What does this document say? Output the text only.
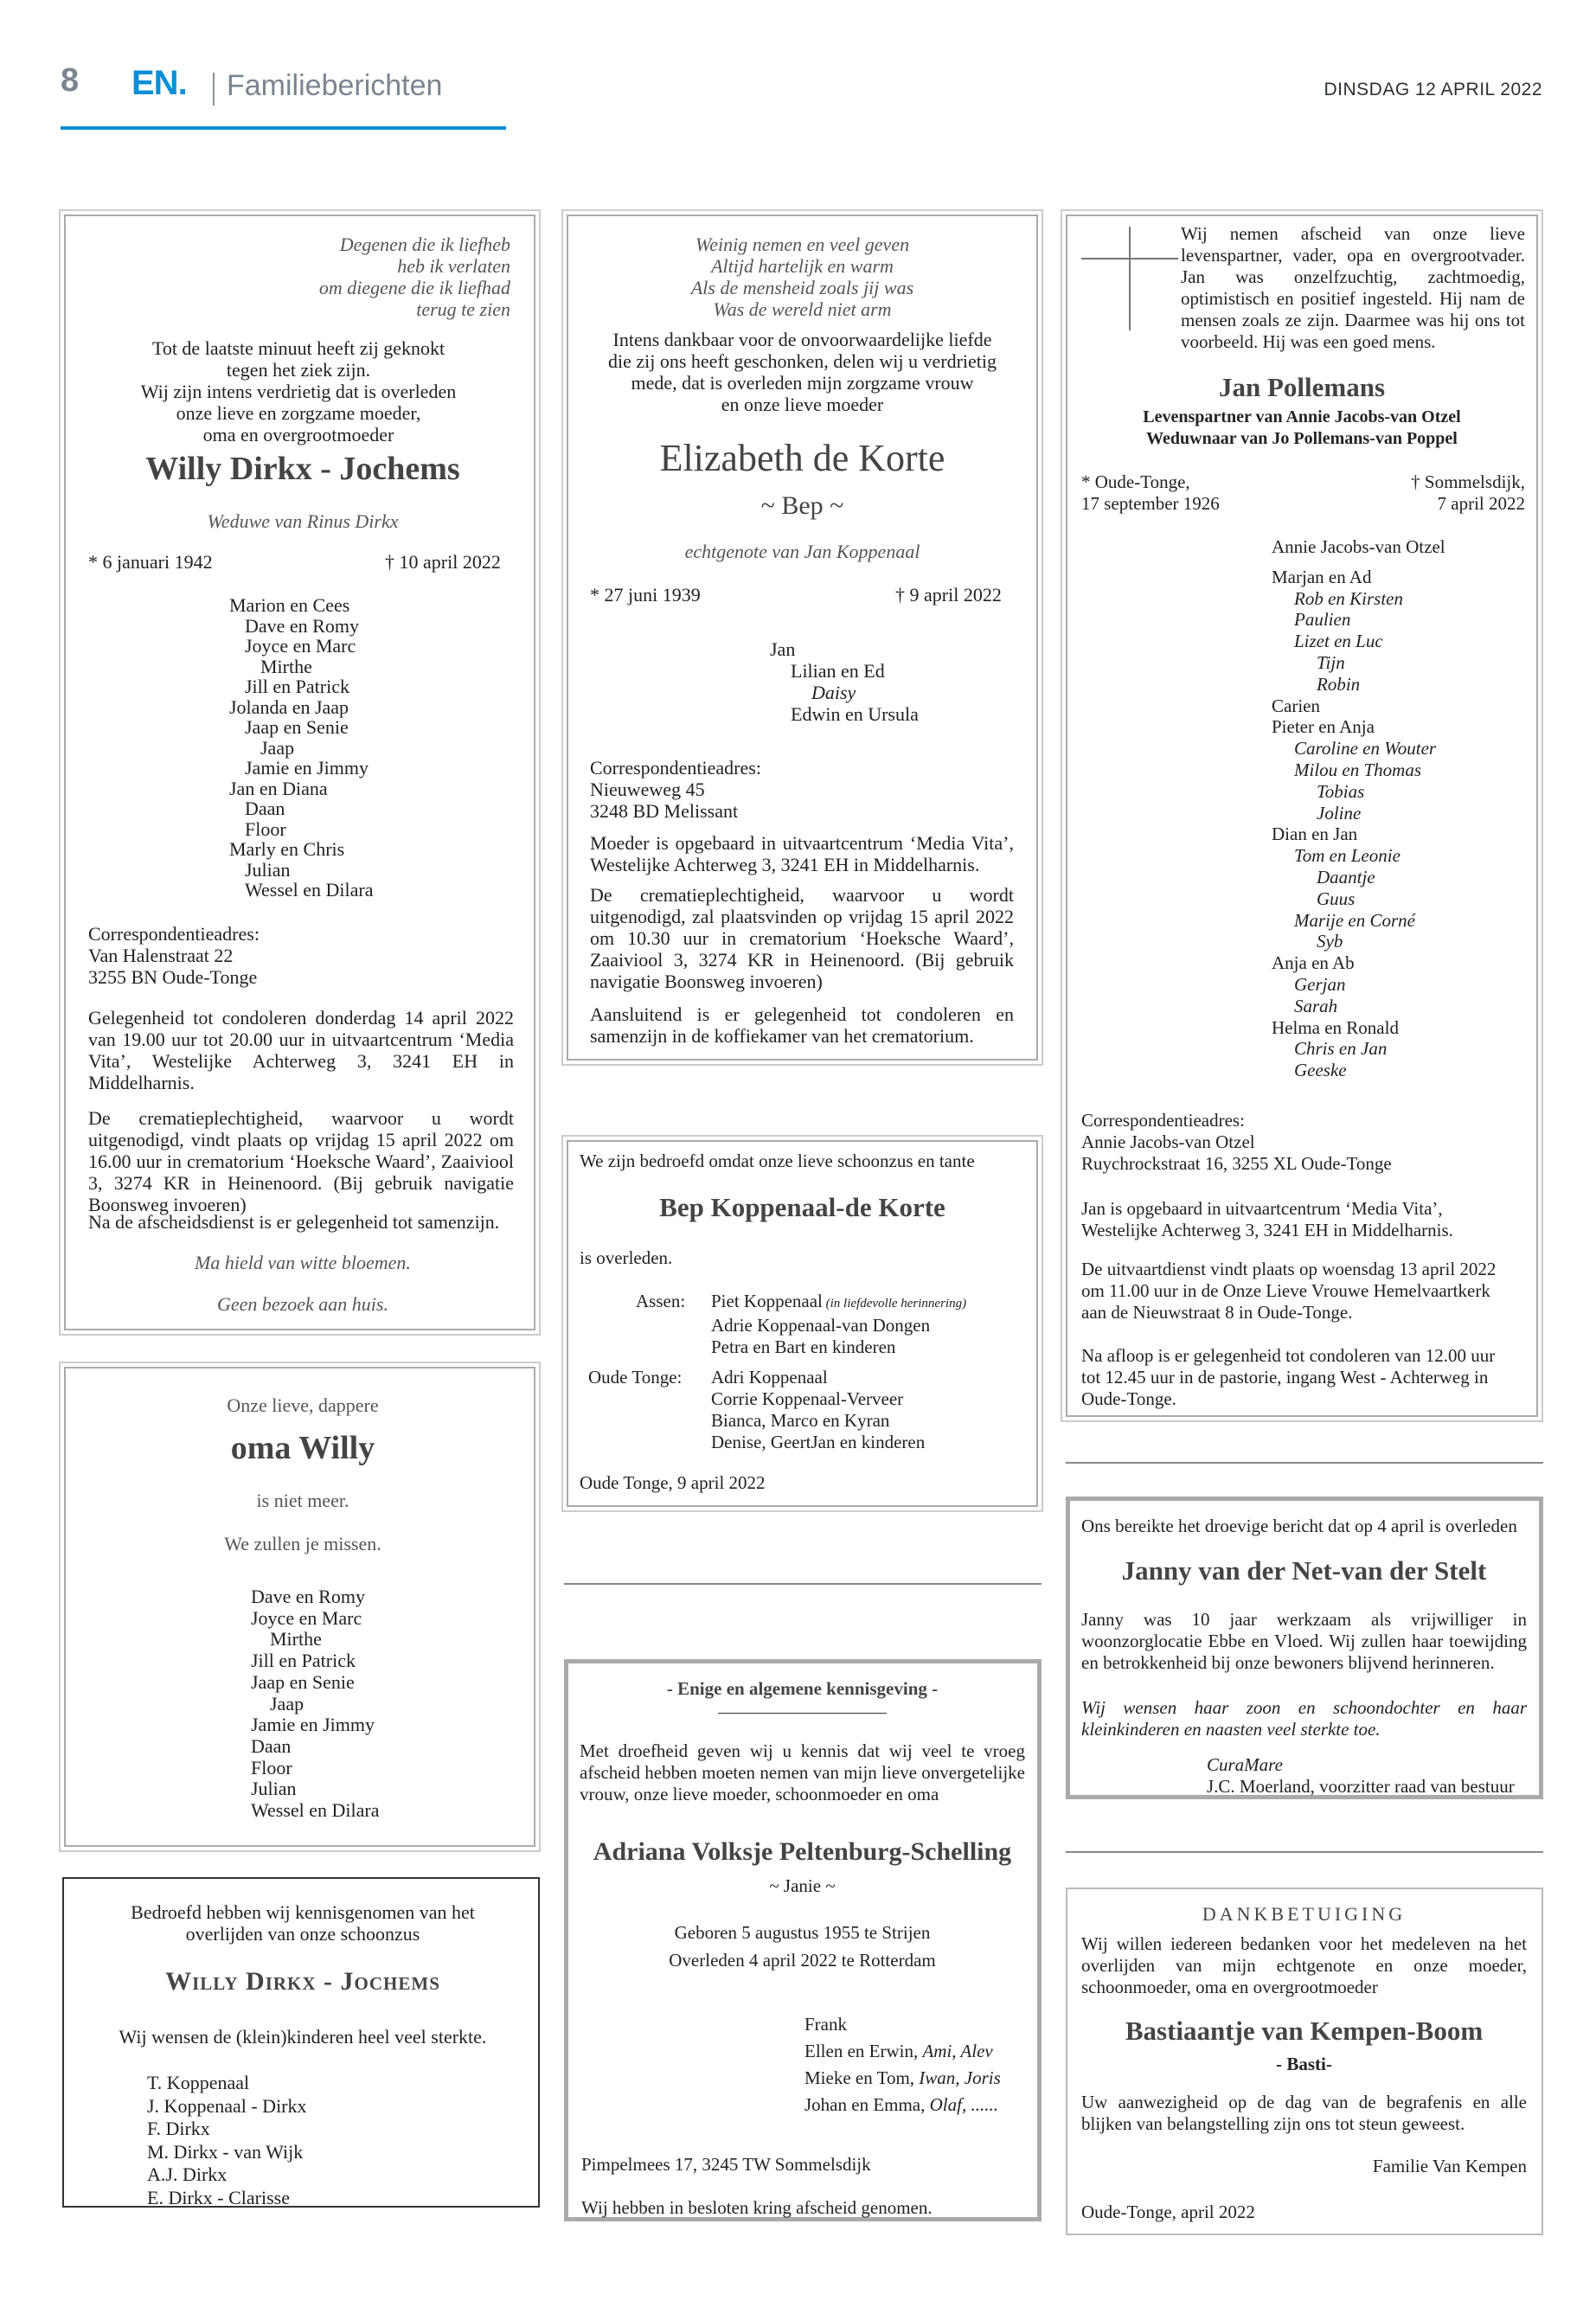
8 EN. Familieberichten	DINSDAG 12 APRIL 2022
Degenen die ik liefheb
heb ik verlaten
om diegene die ik liefhad
terug te zien
Tot de laatste minuut heeft zij geknokt
tegen het ziek zijn.
Wij zijn intens verdrietig dat is overleden
onze lieve en zorgzame moeder,
oma en overgrootmoeder
Willy Dirkx - Jochems
Weduwe van Rinus Dirkx
* 6 januari 1942	† 10 april 2022
Marion en Cees
Dave en Romy
Joyce en Marc
Mirthe
Jill en Patrick
Jolanda en Jaap
Jaap en Senie
Jaap
Jamie en Jimmy
Jan en Diana
Daan
Floor
Marly en Chris
Julian
Wessel en Dilara
Correspondentieadres:
Van Halenstraat 22
3255 BN Oude-Tonge
Gelegenheid tot condoleren donderdag 14 april 2022 van 19.00 uur tot 20.00 uur in uitvaartcentrum ‘Media Vita’, Westelijke Achterweg 3, 3241 EH in Middelharnis.
De crematieplechtigheid, waarvoor u wordt uitgenodigd, vindt plaats op vrijdag 15 april 2022 om 16.00 uur in crematorium ‘Hoeksche Waard’, Zaaiviool 3, 3274 KR in Heinenoord. (Bij gebruik navigatie Boonsweg invoeren)
Na de afscheidsdienst is er gelegenheid tot samenzijn.
Ma hield van witte bloemen.
Geen bezoek aan huis.
Onze lieve, dappere
oma Willy
is niet meer.
We zullen je missen.
Dave en Romy
Joyce en Marc
Mirthe
Jill en Patrick
Jaap en Senie
Jaap
Jamie en Jimmy
Daan
Floor
Julian
Wessel en Dilara
Bedroefd hebben wij kennisgenomen van het
overlijden van onze schoonzus
Willy Dirkx - Jochems
Wij wensen de (klein)kinderen heel veel sterkte.
T. Koppenaal
J. Koppenaal - Dirkx
F. Dirkx
M. Dirkx - van Wijk
A.J. Dirkx
E. Dirkx - Clarisse
Weinig nemen en veel geven
Altijd hartelijk en warm
Als de mensheid zoals jij was
Was de wereld niet arm
Intens dankbaar voor de onvoorwaardelijke liefde
die zij ons heeft geschonken, delen wij u verdrietig
mede, dat is overleden mijn zorgzame vrouw
en onze lieve moeder
Elizabeth de Korte
~ Bep ~
echtgenote van Jan Koppenaal
* 27 juni 1939	† 9 april 2022
Jan
Lilian en Ed
Daisy
Edwin en Ursula
Correspondentieadres:
Nieuweweg 45
3248 BD Melissant
Moeder is opgebaard in uitvaartcentrum ‘Media Vita’, Westelijke Achterweg 3, 3241 EH in Middelharnis.
De crematieplechtigheid, waarvoor u wordt uitgenodigd, zal plaatsvinden op vrijdag 15 april 2022 om 10.30 uur in crematorium ‘Hoeksche Waard’, Zaaiviool 3, 3274 KR in Heinenoord. (Bij gebruik navigatie Boonsweg invoeren)
Aansluitend is er gelegenheid tot condoleren en samenzijn in de koffiekamer van het crematorium.
We zijn bedroefd omdat onze lieve schoonzus en tante
Bep Koppenaal-de Korte
is overleden.
Assen: Piet Koppenaal (in liefdevolle herinnering)
Adrie Koppenaal-van Dongen
Petra en Bart en kinderen
Oude Tonge: Adri Koppenaal
Corrie Koppenaal-Verveer
Bianca, Marco en Kyran
Denise, GeertJan en kinderen
Oude Tonge, 9 april 2022
- Enige en algemene kennisgeving -
Met droefheid geven wij u kennis dat wij veel te vroeg afscheid hebben moeten nemen van mijn lieve onvergetelijke vrouw, onze lieve moeder, schoonmoeder en oma
Adriana Volksje Peltenburg-Schelling
~ Janie ~
Geboren 5 augustus 1955 te Strijen
Overleden 4 april 2022 te Rotterdam
Frank
Ellen en Erwin, Ami, Alev
Mieke en Tom, Iwan, Joris
Johan en Emma, Olaf, ......
Pimpelmees 17, 3245 TW Sommelsdijk
Wij hebben in besloten kring afscheid genomen.
Wij nemen afscheid van onze lieve levenspartner, vader, opa en overgrootvader. Jan was onzelfzuchtig, zachtmoedig, optimistisch en positief ingesteld. Hij nam de mensen zoals ze zijn. Daarmee was hij ons tot voorbeeld. Hij was een goed mens.
Jan Pollemans
Levenspartner van Annie Jacobs-van Otzel
Weduwnaar van Jo Pollemans-van Poppel
* Oude-Tonge,
17 september 1926
† Sommelsdijk,
7 april 2022
Annie Jacobs-van Otzel
Marjan en Ad
Rob en Kirsten
Paulien
Lizet en Luc
Tijn
Robin
Carien
Pieter en Anja
Caroline en Wouter
Milou en Thomas
Tobias
Joline
Dian en Jan
Tom en Leonie
Daantje
Guus
Marije en Corné
Syb
Anja en Ab
Gerjan
Sarah
Helma en Ronald
Chris en Jan
Geeske
Correspondentieadres:
Annie Jacobs-van Otzel
Ruychrockstraat 16, 3255 XL Oude-Tonge
Jan is opgebaard in uitvaartcentrum ‘Media Vita’,
Westelijke Achterweg 3, 3241 EH in Middelharnis.
De uitvaartdienst vindt plaats op woensdag 13 april 2022
om 11.00 uur in de Onze Lieve Vrouwe Hemelvaartkerk
aan de Nieuwstraat 8 in Oude-Tonge.
Na afloop is er gelegenheid tot condoleren van 12.00 uur
tot 12.45 uur in de pastorie, ingang West - Achterweg in
Oude-Tonge.
Ons bereikte het droevige bericht dat op 4 april is overleden
Janny van der Net-van der Stelt
Janny was 10 jaar werkzaam als vrijwilliger in woonzorglocatie Ebbe en Vloed. Wij zullen haar toewijding en betrokkenheid bij onze bewoners blijvend herinneren.
Wij wensen haar zoon en schoondochter en haar kleinkinderen en naasten veel sterkte toe.
CuraMare
J.C. Moerland, voorzitter raad van bestuur
DANKBETUIGING
Wij willen iedereen bedanken voor het medeleven na het overlijden van mijn echtgenote en onze moeder, schoonmoeder, oma en overgrootmoeder
Bastiaantje van Kempen-Boom
- Basti-
Uw aanwezigheid op de dag van de begrafenis en alle blijken van belangstelling zijn ons tot steun geweest.
Familie Van Kempen
Oude-Tonge, april 2022
